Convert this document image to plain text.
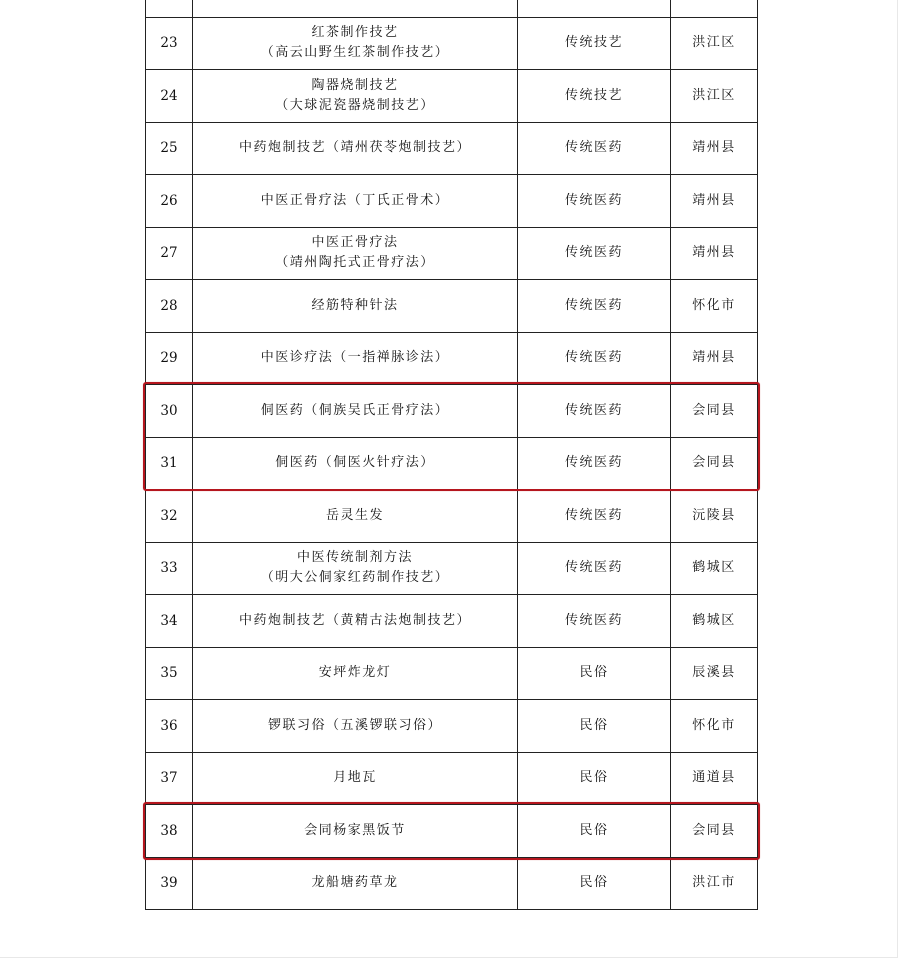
23	红茶制作技艺
（高云山野生红茶制作技艺）	传统技艺	洪江区
24	陶器烧制技艺
（大球泥瓷器烧制技艺）	传统技艺	洪江区
25	中药炮制技艺（靖州茯苓炮制技艺）	传统医药	靖州县
26	中医正骨疗法（丁氏正骨术）	传统医药	靖州县
27	中医正骨疗法
（靖州陶托式正骨疗法）	传统医药	靖州县
28	经筋特种针法	传统医药	怀化市
29	中医诊疗法（一指禅脉诊法）	传统医药	靖州县
30	侗医药（侗族吴氏正骨疗法）	传统医药	会同县
31	侗医药（侗医火针疗法）	传统医药	会同县
32	岳灵生发	传统医药	沅陵县
33	中医传统制剂方法
（明大公侗家红药制作技艺）	传统医药	鹤城区
34	中药炮制技艺（黄精古法炮制技艺）	传统医药	鹤城区
35	安坪炸龙灯	民俗	辰溪县
36	锣联习俗（五溪锣联习俗）	民俗	怀化市
37	月地瓦	民俗	通道县
38	会同杨家黑饭节	民俗	会同县
39	龙船塘药草龙	民俗	洪江市
